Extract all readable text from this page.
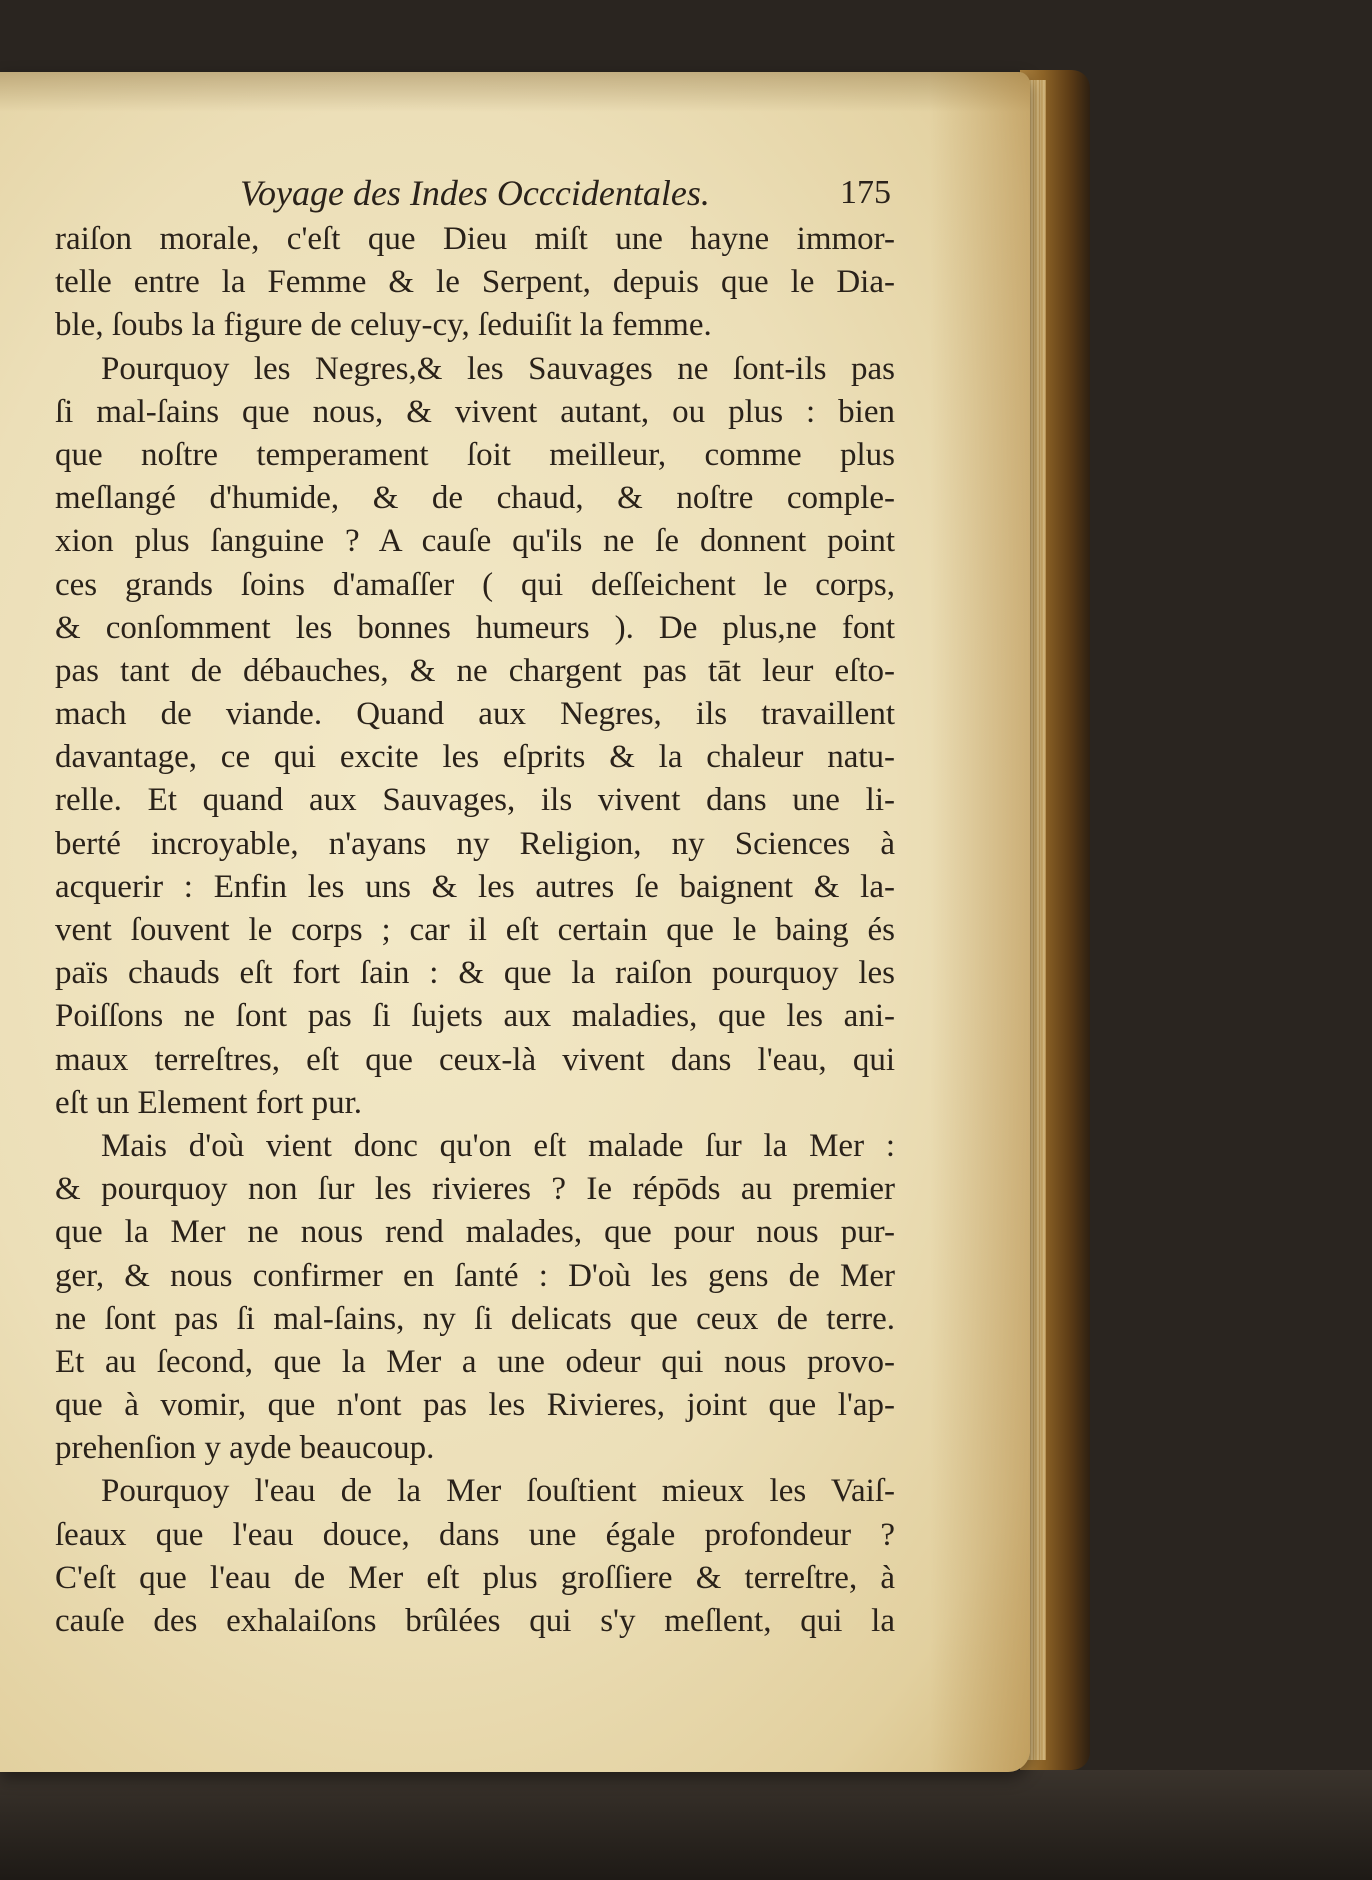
Voyage des Indes Occcidentales.	175
raiſon morale, c'eſt que Dieu miſt une hayne immor-
telle entre la Femme & le Serpent, depuis que le Dia-
ble, ſoubs la figure de celuy-cy, ſeduiſit la femme.
Pourquoy les Negres,& les Sauvages ne ſont-ils pas
ſi mal-ſains que nous, & vivent autant, ou plus : bien
que noſtre temperament ſoit meilleur, comme plus
meſlangé d'humide, & de chaud, & noſtre comple-
xion plus ſanguine ? A cauſe qu'ils ne ſe donnent point
ces grands ſoins d'amaſſer ( qui deſſeichent le corps,
& conſomment les bonnes humeurs ). De plus,ne font
pas tant de débauches, & ne chargent pas tāt leur eſto-
mach de viande. Quand aux Negres, ils travaillent
davantage, ce qui excite les eſprits & la chaleur natu-
relle. Et quand aux Sauvages, ils vivent dans une li-
berté incroyable, n'ayans ny Religion, ny Sciences à
acquerir : Enfin les uns & les autres ſe baignent & la-
vent ſouvent le corps ; car il eſt certain que le baing és
païs chauds eſt fort ſain : & que la raiſon pourquoy les
Poiſſons ne ſont pas ſi ſujets aux maladies, que les ani-
maux terreſtres, eſt que ceux-là vivent dans l'eau, qui
eſt un Element fort pur.
Mais d'où vient donc qu'on eſt malade ſur la Mer :
& pourquoy non ſur les rivieres ? Ie répōds au premier
que la Mer ne nous rend malades, que pour nous pur-
ger, & nous confirmer en ſanté : D'où les gens de Mer
ne ſont pas ſi mal-ſains, ny ſi delicats que ceux de terre.
Et au ſecond, que la Mer a une odeur qui nous provo-
que à vomir, que n'ont pas les Rivieres, joint que l'ap-
prehenſion y ayde beaucoup.
Pourquoy l'eau de la Mer ſouſtient mieux les Vaiſ-
ſeaux que l'eau douce, dans une égale profondeur ?
C'eſt que l'eau de Mer eſt plus groſſiere & terreſtre, à
cauſe des exhalaiſons brûlées qui s'y meſlent, qui la
